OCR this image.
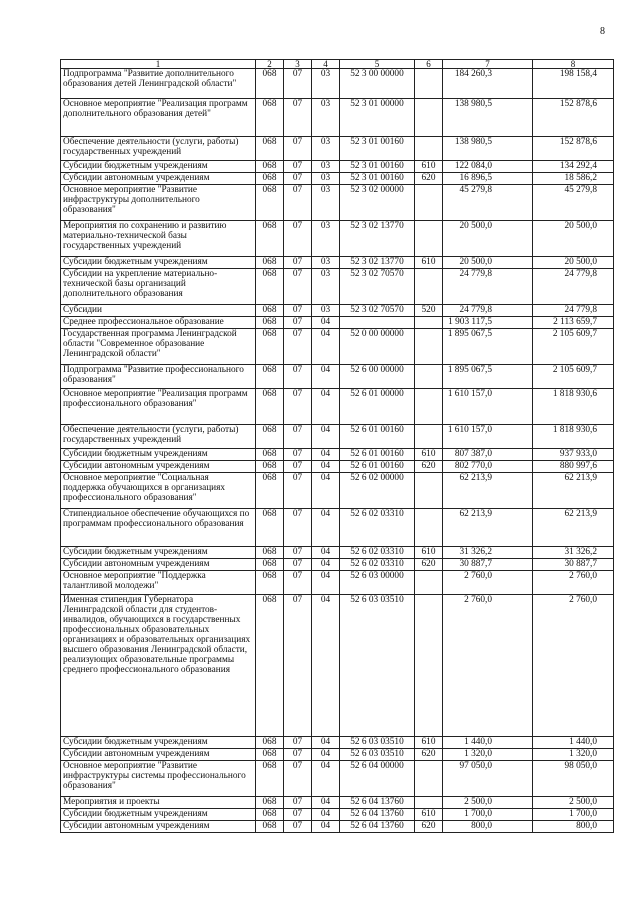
8
1	2	3	4	5	6	7	8
Подпрограмма "Развитие дополнительного образования детей Ленинградской области"	068	07	03	52 3 00 00000		184 260,3	198 158,4
Основное мероприятие "Реализация программ дополнительного образования детей"	068	07	03	52 3 01 00000		138 980,5	152 878,6
Обеспечение деятельности (услуги, работы) государственных учреждений	068	07	03	52 3 01 00160		138 980,5	152 878,6
Субсидии бюджетным учреждениям	068	07	03	52 3 01 00160	610	122 084,0	134 292,4
Субсидии автономным учреждениям	068	07	03	52 3 01 00160	620	16 896,5	18 586,2
Основное мероприятие "Развитие инфраструктуры дополнительного образования"	068	07	03	52 3 02 00000		45 279,8	45 279,8
Мероприятия по сохранению и развитию материально-технической базы государственных учреждений	068	07	03	52 3 02 13770		20 500,0	20 500,0
Субсидии бюджетным учреждениям	068	07	03	52 3 02 13770	610	20 500,0	20 500,0
Субсидии на укрепление материально-технической базы организаций дополнительного образования	068	07	03	52 3 02 70570		24 779,8	24 779,8
Субсидии	068	07	03	52 3 02 70570	520	24 779,8	24 779,8
Среднее профессиональное образование	068	07	04			1 903 117,5	2 113 659,7
Государственная программа Ленинградской области "Современное образование Ленинградской области"	068	07	04	52 0 00 00000		1 895 067,5	2 105 609,7
Подпрограмма "Развитие профессионального образования"	068	07	04	52 6 00 00000		1 895 067,5	2 105 609,7
Основное мероприятие "Реализация программ профессионального образования"	068	07	04	52 6 01 00000		1 610 157,0	1 818 930,6
Обеспечение деятельности (услуги, работы) государственных учреждений	068	07	04	52 6 01 00160		1 610 157,0	1 818 930,6
Субсидии бюджетным учреждениям	068	07	04	52 6 01 00160	610	807 387,0	937 933,0
Субсидии автономным учреждениям	068	07	04	52 6 01 00160	620	802 770,0	880 997,6
Основное мероприятие "Социальная поддержка обучающихся в организациях профессионального образования"	068	07	04	52 6 02 00000		62 213,9	62 213,9
Стипендиальное обеспечение обучающихся по программам профессионального образования	068	07	04	52 6 02 03310		62 213,9	62 213,9
Субсидии бюджетным учреждениям	068	07	04	52 6 02 03310	610	31 326,2	31 326,2
Субсидии автономным учреждениям	068	07	04	52 6 02 03310	620	30 887,7	30 887,7
Основное мероприятие "Поддержка талантливой молодежи"	068	07	04	52 6 03 00000		2 760,0	2 760,0
Именная стипендия Губернатора Ленинградской области для студентов-инвалидов, обучающихся в государственных профессиональных образовательных организациях и образовательных организациях высшего образования Ленинградской области, реализующих образовательные программы среднего профессионального образования	068	07	04	52 6 03 03510		2 760,0	2 760,0
Субсидии бюджетным учреждениям	068	07	04	52 6 03 03510	610	1 440,0	1 440,0
Субсидии автономным учреждениям	068	07	04	52 6 03 03510	620	1 320,0	1 320,0
Основное мероприятие "Развитие инфраструктуры системы профессионального образования"	068	07	04	52 6 04 00000		97 050,0	98 050,0
Мероприятия и проекты	068	07	04	52 6 04 13760		2 500,0	2 500,0
Субсидии бюджетным учреждениям	068	07	04	52 6 04 13760	610	1 700,0	1 700,0
Субсидии автономным учреждениям	068	07	04	52 6 04 13760	620	800,0	800,0
